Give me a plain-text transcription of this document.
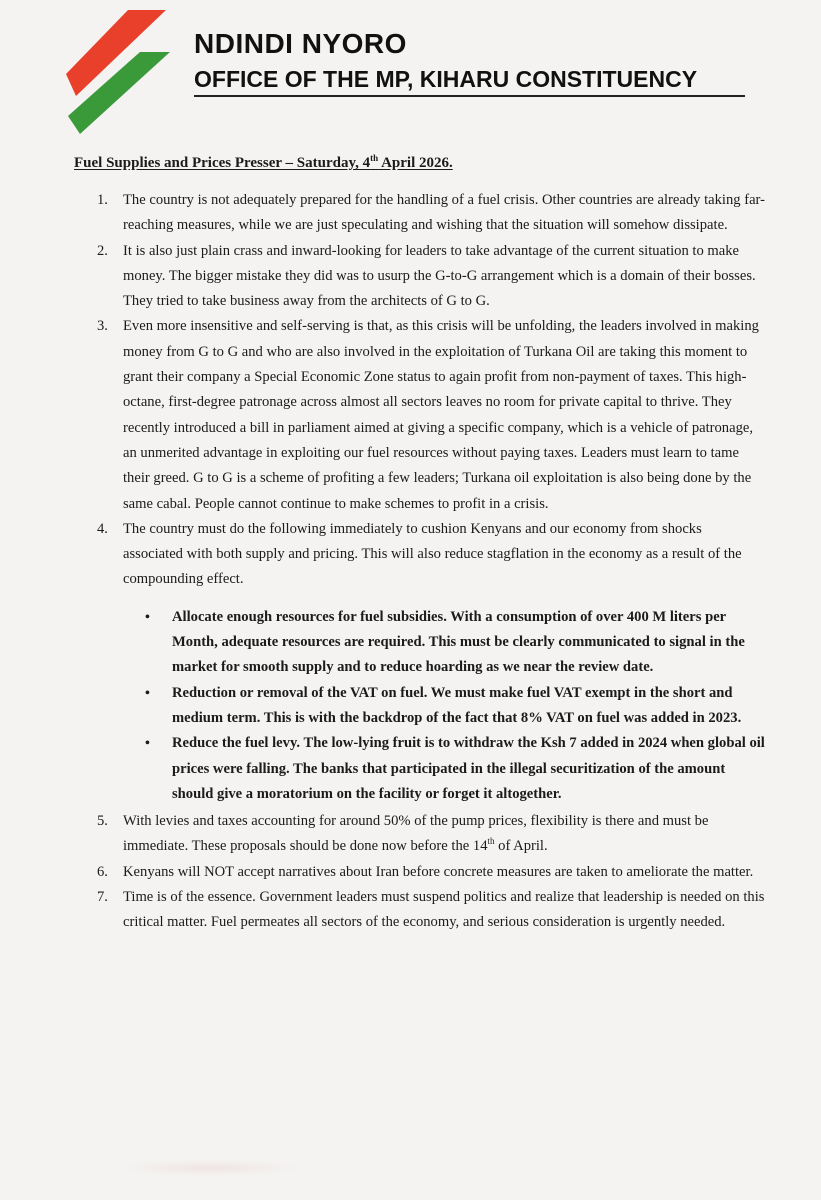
NDINDI NYORO
OFFICE OF THE MP, KIHARU CONSTITUENCY

Fuel Supplies and Prices Presser – Saturday, 4th April 2026.

1. The country is not adequately prepared for the handling of a fuel crisis. Other countries are already taking far-reaching measures, while we are just speculating and wishing that the situation will somehow dissipate.
2. It is also just plain crass and inward-looking for leaders to take advantage of the current situation to make money. The bigger mistake they did was to usurp the G-to-G arrangement which is a domain of their bosses. They tried to take business away from the architects of G to G.
3. Even more insensitive and self-serving is that, as this crisis will be unfolding, the leaders involved in making money from G to G and who are also involved in the exploitation of Turkana Oil are taking this moment to grant their company a Special Economic Zone status to again profit from non-payment of taxes. This high-octane, first-degree patronage across almost all sectors leaves no room for private capital to thrive. They recently introduced a bill in parliament aimed at giving a specific company, which is a vehicle of patronage, an unmerited advantage in exploiting our fuel resources without paying taxes. Leaders must learn to tame their greed. G to G is a scheme of profiting a few leaders; Turkana oil exploitation is also being done by the same cabal. People cannot continue to make schemes to profit in a crisis.
4. The country must do the following immediately to cushion Kenyans and our economy from shocks associated with both supply and pricing. This will also reduce stagflation in the economy as a result of the compounding effect.
• Allocate enough resources for fuel subsidies. With a consumption of over 400 M liters per Month, adequate resources are required. This must be clearly communicated to signal in the market for smooth supply and to reduce hoarding as we near the review date.
• Reduction or removal of the VAT on fuel. We must make fuel VAT exempt in the short and medium term. This is with the backdrop of the fact that 8% VAT on fuel was added in 2023.
• Reduce the fuel levy. The low-lying fruit is to withdraw the Ksh 7 added in 2024 when global oil prices were falling. The banks that participated in the illegal securitization of the amount should give a moratorium on the facility or forget it altogether.
5. With levies and taxes accounting for around 50% of the pump prices, flexibility is there and must be immediate. These proposals should be done now before the 14th of April.
6. Kenyans will NOT accept narratives about Iran before concrete measures are taken to ameliorate the matter.
7. Time is of the essence. Government leaders must suspend politics and realize that leadership is needed on this critical matter. Fuel permeates all sectors of the economy, and serious consideration is urgently needed.
